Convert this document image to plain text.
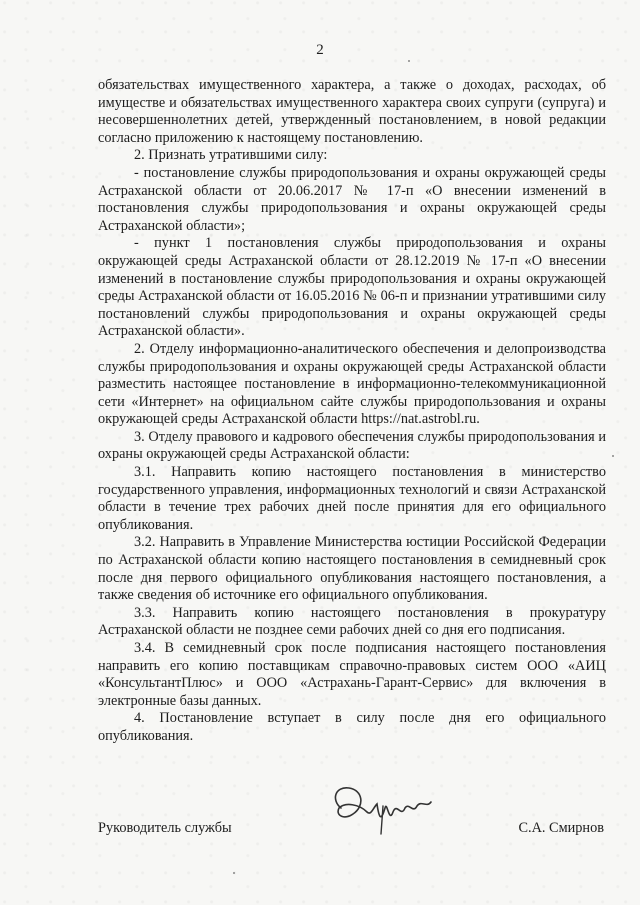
2

обязательствах имущественного характера, а также о доходах, расходах, об имуществе и обязательствах имущественного характера своих супруги (супруга) и несовершеннолетних детей, утвержденный постановлением, в новой редакции согласно приложению к настоящему постановлению.

2. Признать утратившими силу:

- постановление службы природопользования и охраны окружающей среды Астраханской области от 20.06.2017 № 17-п «О внесении изменений в постановления службы природопользования и охраны окружающей среды Астраханской области»;

- пункт 1 постановления службы природопользования и охраны окружающей среды Астраханской области от 28.12.2019 № 17-п «О внесении изменений в постановление службы природопользования и охраны окружающей среды Астраханской области от 16.05.2016 № 06-п и признании утратившими силу постановлений службы природопользования и охраны окружающей среды Астраханской области».

2. Отделу информационно-аналитического обеспечения и делопроизводства службы природопользования и охраны окружающей среды Астраханской области разместить настоящее постановление в информационно-телекоммуникационной сети «Интернет» на официальном сайте службы природопользования и охраны окружающей среды Астраханской области https://nat.astrobl.ru.

3. Отделу правового и кадрового обеспечения службы природопользования и охраны окружающей среды Астраханской области:

3.1. Направить копию настоящего постановления в министерство государственного управления, информационных технологий и связи Астраханской области в течение трех рабочих дней после принятия для его официального опубликования.

3.2. Направить в Управление Министерства юстиции Российской Федерации по Астраханской области копию настоящего постановления в семидневный срок после дня первого официального опубликования настоящего постановления, а также сведения об источнике его официального опубликования.

3.3. Направить копию настоящего постановления в прокуратуру Астраханской области не позднее семи рабочих дней со дня его подписания.

3.4. В семидневный срок после подписания настоящего постановления направить его копию поставщикам справочно-правовых систем ООО «АИЦ «КонсультантПлюс» и ООО «Астрахань-Гарант-Сервис» для включения в электронные базы данных.

4. Постановление вступает в силу после дня его официального опубликования.

Руководитель службы	С.А. Смирнов
